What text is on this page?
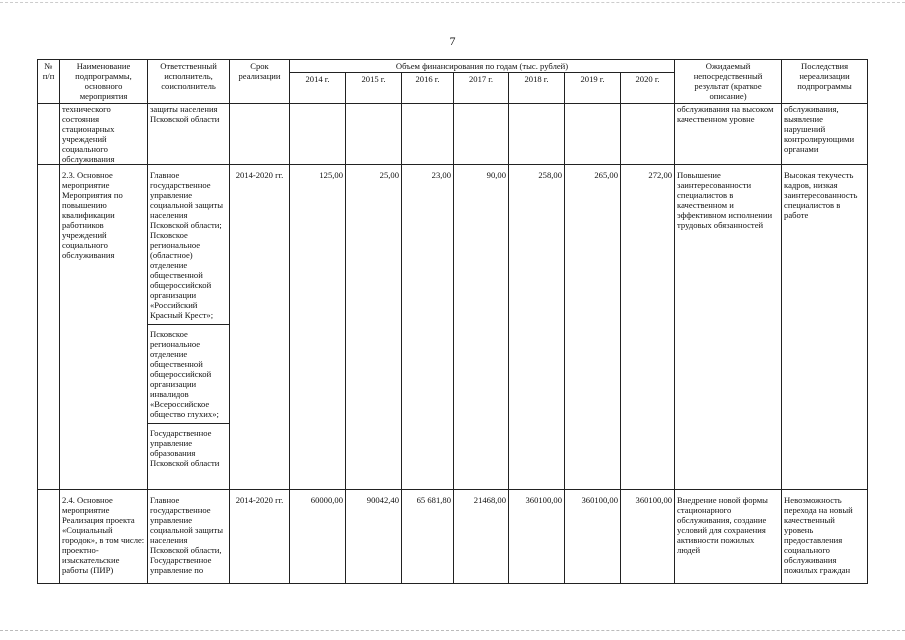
7
№ п/п	Наименование подпрограммы, основного мероприятия	Ответственный исполнитель, соисполнитель	Срок реализации	Объем финансирования по годам (тыс. рублей)							Ожидаемый непосредственный результат (краткое описание)	Последствия нереализации подпрограммы
				2014 г.	2015 г.	2016 г.	2017 г.	2018 г.	2019 г.	2020 г.		
	технического состояния стационарных учреждений социального обслуживания	защиты населения Псковской области									обслуживания на высоком качественном уровне	обслуживания, выявление нарушений контролирующими органами
	2.3. Основное мероприятие Мероприятия по повышению квалификации работников учреждений социального обслуживания	Главное государственное управление социальной защиты населения Псковской области; Псковское региональное (областное) отделение общественной общероссийской организации «Российский Красный Крест»;
Псковское региональное отделение общественной общероссийской организации инвалидов «Всероссийское общество глухих»;
Государственное управление образования Псковской области	2014-2020 гг.	125,00	25,00	23,00	90,00	258,00	265,00	272,00	Повышение заинтересованности специалистов в качественном и эффективном исполнении трудовых обязанностей	Высокая текучесть кадров, низкая заинтересованность специалистов в работе
	2.4. Основное мероприятие Реализация проекта «Социальный городок», в том числе: проектно-изыскательские работы (ПИР)	Главное государственное управление социальной защиты населения Псковской области, Государственное управление по	2014-2020 гг.	60000,00	90042,40	65 681,80	21468,00	360100,00	360100,00	360100,00	Внедрение новой формы стационарного обслуживания, создание условий для сохранения активности пожилых людей	Невозможность перехода на новый качественный уровень предоставления социального обслуживания пожилых граждан
